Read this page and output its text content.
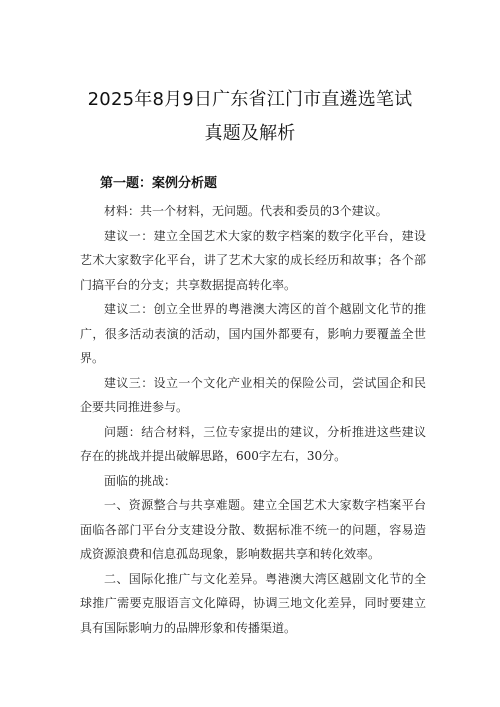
2025年8月9日广东省江门市直遴选笔试
真题及解析
第一题：案例分析题

材料：共一个材料，无问题。代表和委员的3个建议。

建议一：建立全国艺术大家的数字档案的数字化平台，建设艺术大家数字化平台，讲了艺术大家的成长经历和故事；各个部门搞平台的分支；共享数据提高转化率。

建议二：创立全世界的粤港澳大湾区的首个越剧文化节的推广，很多活动表演的活动，国内国外都要有，影响力要覆盖全世界。

建议三：设立一个文化产业相关的保险公司，尝试国企和民企要共同推进参与。

问题：结合材料，三位专家提出的建议，分析推进这些建议存在的挑战并提出破解思路，600字左右，30分。

面临的挑战：

一、资源整合与共享难题。建立全国艺术大家数字档案平台面临各部门平台分支建设分散、数据标准不统一的问题，容易造成资源浪费和信息孤岛现象，影响数据共享和转化效率。

二、国际化推广与文化差异。粤港澳大湾区越剧文化节的全球推广需要克服语言文化障碍，协调三地文化差异，同时要建立具有国际影响力的品牌形象和传播渠道。
